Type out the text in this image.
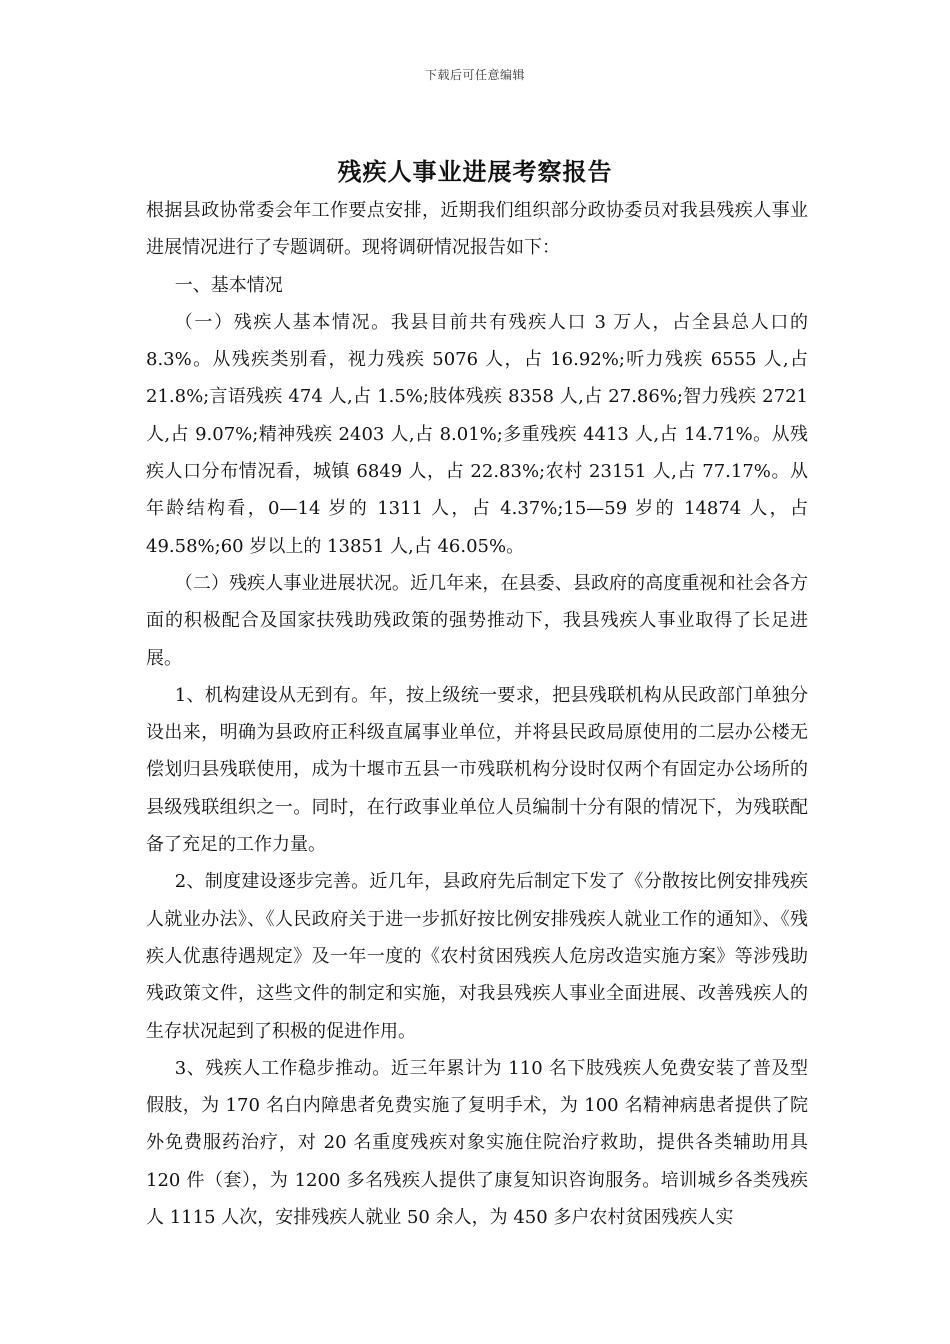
下载后可任意编辑
残疾人事业进展考察报告

根据县政协常委会年工作要点安排，近期我们组织部分政协委员对我县残疾人事业进展情况进行了专题调研。现将调研情况报告如下：

一、基本情况

（一）残疾人基本情况。我县目前共有残疾人口 3 万人，占全县总人口的 8.3%。从残疾类别看，视力残疾 5076 人，占 16.92%;听力残疾 6555 人,占 21.8%;言语残疾 474 人,占 1.5%;肢体残疾 8358 人,占 27.86%;智力残疾 2721 人,占 9.07%;精神残疾 2403 人,占 8.01%;多重残疾 4413 人,占 14.71%。从残疾人口分布情况看，城镇 6849 人，占 22.83%;农村 23151 人,占 77.17%。从年龄结构看，0—14 岁的 1311 人，占 4.37%;15—59 岁的 14874 人，占 49.58%;60 岁以上的 13851 人,占 46.05%。

（二）残疾人事业进展状况。近几年来，在县委、县政府的高度重视和社会各方面的积极配合及国家扶残助残政策的强势推动下，我县残疾人事业取得了长足进展。

1、机构建设从无到有。年，按上级统一要求，把县残联机构从民政部门单独分设出来，明确为县政府正科级直属事业单位，并将县民政局原使用的二层办公楼无偿划归县残联使用，成为十堰市五县一市残联机构分设时仅两个有固定办公场所的县级残联组织之一。同时，在行政事业单位人员编制十分有限的情况下，为残联配备了充足的工作力量。

2、制度建设逐步完善。近几年，县政府先后制定下发了《分散按比例安排残疾人就业办法》、《人民政府关于进一步抓好按比例安排残疾人就业工作的通知》、《残疾人优惠待遇规定》及一年一度的《农村贫困残疾人危房改造实施方案》等涉残助残政策文件，这些文件的制定和实施，对我县残疾人事业全面进展、改善残疾人的生存状况起到了积极的促进作用。

3、残疾人工作稳步推动。近三年累计为 110 名下肢残疾人免费安装了普及型假肢，为 170 名白内障患者免费实施了复明手术，为 100 名精神病患者提供了院外免费服药治疗，对 20 名重度残疾对象实施住院治疗救助，提供各类辅助用具 120 件（套），为 1200 多名残疾人提供了康复知识咨询服务。培训城乡各类残疾人 1115 人次，安排残疾人就业 50 余人，为 450 多户农村贫困残疾人实
